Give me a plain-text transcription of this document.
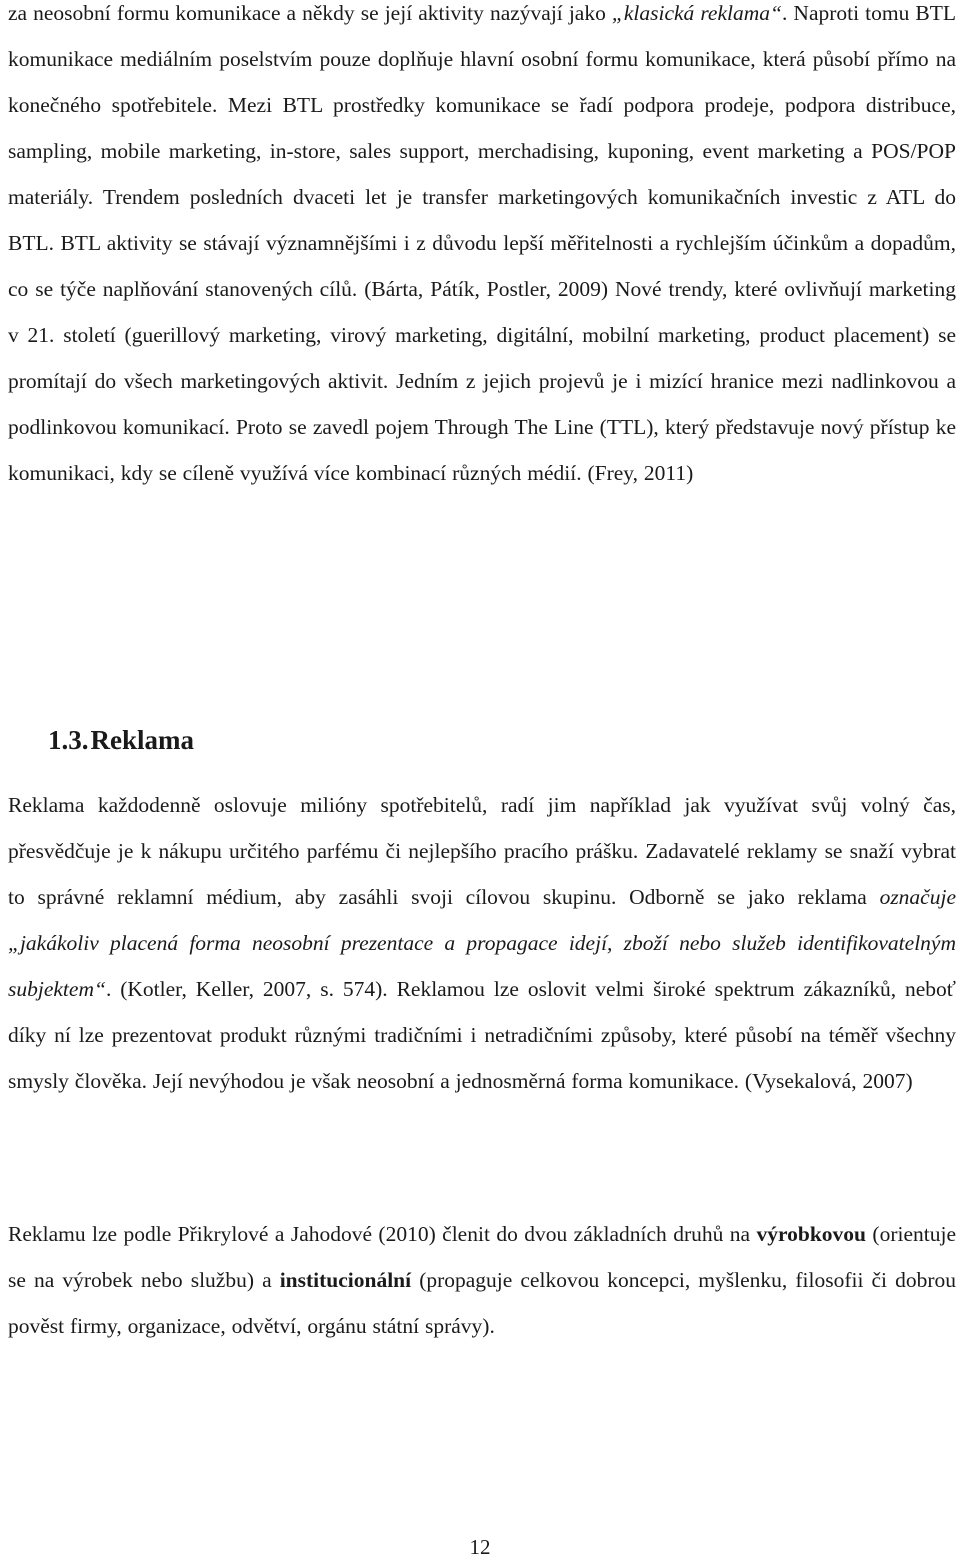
za neosobní formu komunikace a někdy se její aktivity nazývají jako „klasická reklama“. Naproti tomu BTL komunikace mediálním poselstvím pouze doplňuje hlavní osobní formu komunikace, která působí přímo na konečného spotřebitele. Mezi BTL prostředky komunikace se řadí podpora prodeje, podpora distribuce, sampling, mobile marketing, in-store, sales support, merchadising, kuponing, event marketing a POS/POP materiály. Trendem posledních dvaceti let je transfer marketingových komunikačních investic z ATL do BTL. BTL aktivity se stávají významnějšími i z důvodu lepší měřitelnosti a rychlejším účinkům a dopadům, co se týče naplňování stanovených cílů. (Bárta, Pátík, Postler, 2009) Nové trendy, které ovlivňují marketing v 21. století (guerillový marketing, virový marketing, digitální, mobilní marketing, product placement) se promítají do všech marketingových aktivit. Jedním z jejich projevů je i mizící hranice mezi nadlinkovou a podlinkovou komunikací. Proto se zavedl pojem Through The Line (TTL), který představuje nový přístup ke komunikaci, kdy se cíleně využívá více kombinací různých médií. (Frey, 2011)

1.3.Reklama

Reklama každodenně oslovuje milióny spotřebitelů, radí jim například jak využívat svůj volný čas, přesvědčuje je k nákupu určitého parfému či nejlepšího pracího prášku. Zadavatelé reklamy se snaží vybrat to správné reklamní médium, aby zasáhli svoji cílovou skupinu. Odborně se jako reklama označuje „jakákoliv placená forma neosobní prezentace a propagace idejí, zboží nebo služeb identifikovatelným subjektem“. (Kotler, Keller, 2007, s. 574). Reklamou lze oslovit velmi široké spektrum zákazníků, neboť díky ní lze prezentovat produkt různými tradičními i netradičními způsoby, které působí na téměř všechny smysly člověka. Její nevýhodou je však neosobní a jednosměrná forma komunikace. (Vysekalová, 2007)

Reklamu lze podle Přikrylové a Jahodové (2010) členit do dvou základních druhů na výrobkovou (orientuje se na výrobek nebo službu) a institucionální (propaguje celkovou koncepci, myšlenku, filosofii či dobrou pověst firmy, organizace, odvětví, orgánu státní správy).

12
